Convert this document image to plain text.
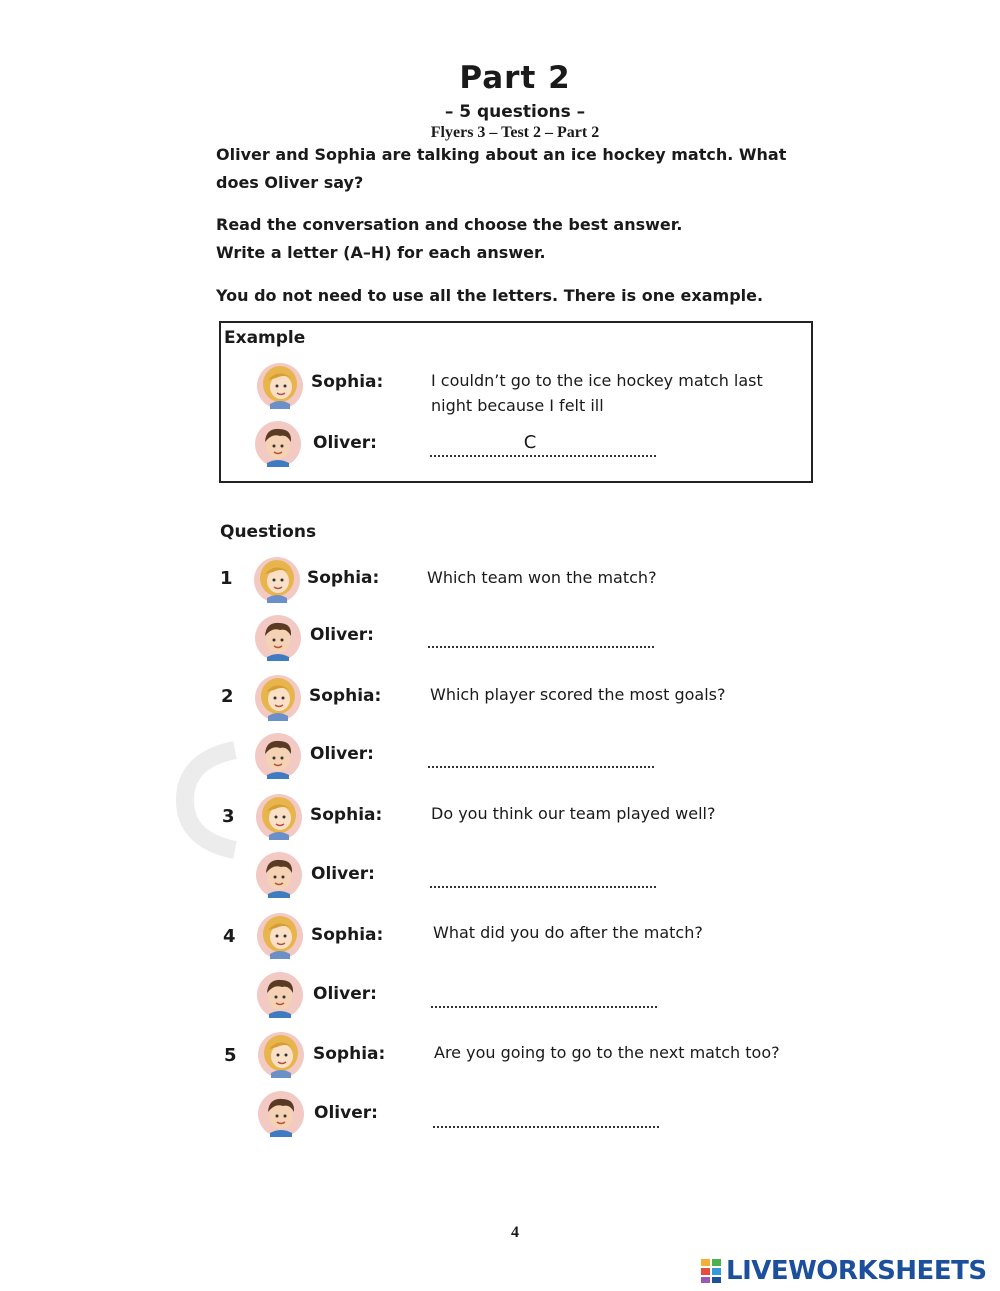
Part 2
– 5 questions –
Flyers 3 – Test 2 – Part 2
Oliver and Sophia are talking about an ice hockey match. What
does Oliver say?
Read the conversation and choose the best answer.
Write a letter (A–H) for each answer.
You do not need to use all the letters. There is one example.
Example
Sophia:	I couldn’t go to the ice hockey match last
night because I felt ill
Oliver:	C
Questions
1	Sophia:	Which team won the match?
Oliver:
2	Sophia:	Which player scored the most goals?
Oliver:
3	Sophia:	Do you think our team played well?
Oliver:
4	Sophia:	What did you do after the match?
Oliver:
5	Sophia:	Are you going to go to the next match too?
Oliver:
4
LIVEWORKSHEETS
